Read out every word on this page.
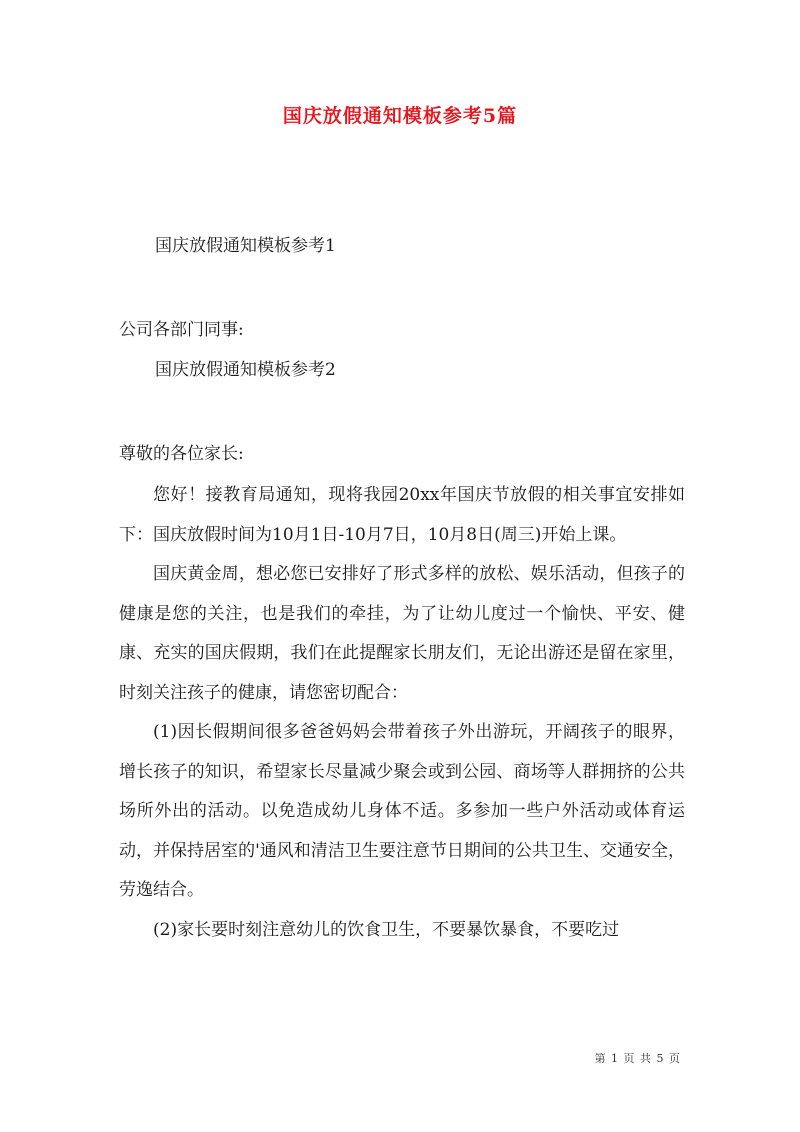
国庆放假通知模板参考5篇
国庆放假通知模板参考1
公司各部门同事:
国庆放假通知模板参考2
尊敬的各位家长:

您好！接教育局通知，现将我园20xx年国庆节放假的相关事宜安排如下：国庆放假时间为10月1日-10月7日，10月8日(周三)开始上课。

国庆黄金周，想必您已安排好了形式多样的放松、娱乐活动，但孩子的健康是您的关注，也是我们的牵挂，为了让幼儿度过一个愉快、平安、健康、充实的国庆假期，我们在此提醒家长朋友们，无论出游还是留在家里，时刻关注孩子的健康，请您密切配合：

(1)因长假期间很多爸爸妈妈会带着孩子外出游玩，开阔孩子的眼界，增长孩子的知识，希望家长尽量减少聚会或到公园、商场等人群拥挤的公共场所外出的活动。以免造成幼儿身体不适。多参加一些户外活动或体育运动，并保持居室的'通风和清洁卫生要注意节日期间的公共卫生、交通安全，劳逸结合。

(2)家长要时刻注意幼儿的饮食卫生，不要暴饮暴食，不要吃过

第 1 页 共 5 页
